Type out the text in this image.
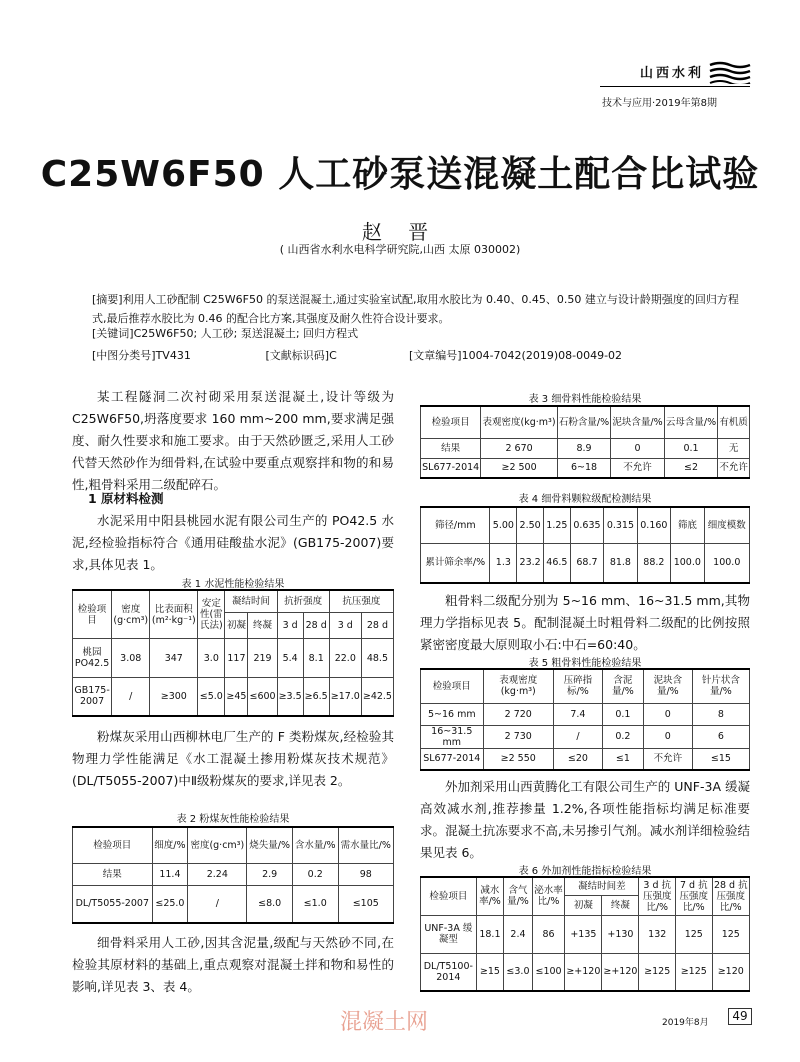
山西水利
技术与应用·2019年第8期
C25W6F50 人工砂泵送混凝土配合比试验
赵 晋
( 山西省水利水电科学研究院,山西 太原 030002)
[摘要]利用人工砂配制 C25W6F50 的泵送混凝土,通过实验室试配,取用水胶比为 0.40、0.45、0.50 建立与设计龄期强度的回归方程式,最后推荐水胶比为 0.46 的配合比方案,其强度及耐久性符合设计要求。
[关键词]C25W6F50; 人工砂; 泵送混凝土; 回归方程式
[中图分类号]TV431	[文献标识码]C	[文章编号]1004-7042(2019)08-0049-02
某工程隧洞二次衬砌采用泵送混凝土,设计等级为 C25W6F50,坍落度要求 160 mm~200 mm,要求满足强度、耐久性要求和施工要求。由于天然砂匮乏,采用人工砂代替天然砂作为细骨料,在试验中要重点观察拌和物的和易性,粗骨料采用二级配碎石。
1 原材料检测
水泥采用中阳县桃园水泥有限公司生产的 PO42.5 水泥,经检验指标符合《通用硅酸盐水泥》(GB175-2007)要求,具体见表 1。
表 1 水泥性能检验结果
检验项目	密度(g·cm³)	比表面积(m²·kg⁻¹)	安定性(雷氏法)	凝结时间		抗折强度		抗压强度	
				初凝	终凝	3 d	28 d	3 d	28 d
桃园 PO42.5	3.08	347	3.0	117	219	5.4	8.1	22.0	48.5
GB175-2007	/	≥300	≤5.0	≥45	≤600	≥3.5	≥6.5	≥17.0	≥42.5
粉煤灰采用山西柳林电厂生产的 F 类粉煤灰,经检验其物理力学性能满足《水工混凝土掺用粉煤灰技术规范》(DL/T5055-2007)中Ⅱ级粉煤灰的要求,详见表 2。
表 2 粉煤灰性能检验结果
检验项目	细度/%	密度(g·cm³)	烧失量/%	含水量/%	需水量比/%
结果	11.4	2.24	2.9	0.2	98
DL/T5055-2007	≤25.0	/	≤8.0	≤1.0	≤105
细骨料采用人工砂,因其含泥量,级配与天然砂不同,在检验其原材料的基础上,重点观察对混凝土拌和物和易性的影响,详见表 3、表 4。
表 3 细骨料性能检验结果
检验项目	表观密度(kg·m³)	石粉含量/%	泥块含量/%	云母含量/%	有机质
结果	2 670	8.9	0	0.1	无
SL677-2014	≥2 500	6~18	不允许	≤2	不允许
表 4 细骨料颗粒级配检测结果
筛径/mm	5.00	2.50	1.25	0.635	0.315	0.160	筛底	细度模数
累计筛余率/%	1.3	23.2	46.5	68.7	81.8	88.2	100.0	100.0
粗骨料二级配分别为 5~16 mm、16~31.5 mm,其物理力学指标见表 5。配制混凝土时粗骨料二级配的比例按照紧密密度最大原则取小石:中石=60:40。
表 5 粗骨料性能检验结果
检验项目	表观密度(kg·m³)	压碎指标/%	含泥量/%	泥块含量/%	针片状含量/%
5~16 mm	2 720	7.4	0.1	0	8
16~31.5 mm	2 730	/	0.2	0	6
SL677-2014	≥2 550	≤20	≤1	不允许	≤15
外加剂采用山西黄腾化工有限公司生产的 UNF-3A 缓凝高效减水剂,推荐掺量 1.2%,各项性能指标均满足标准要求。混凝土抗冻要求不高,未另掺引气剂。减水剂详细检验结果见表 6。
表 6 外加剂性能指标检验结果
检验项目	减水率/%	含气量/%	泌水率比/%	凝结时间差		3 d 抗压强度比/%	7 d 抗压强度比/%	28 d 抗压强度比/%
				初凝	终凝			
UNF-3A 缓凝型	18.1	2.4	86	+135	+130	132	125	125
DL/T5100-2014	≥15	≤3.0	≤100	≥+120	≥+120	≥125	≥125	≥120
混凝土网	2019年8月	49
